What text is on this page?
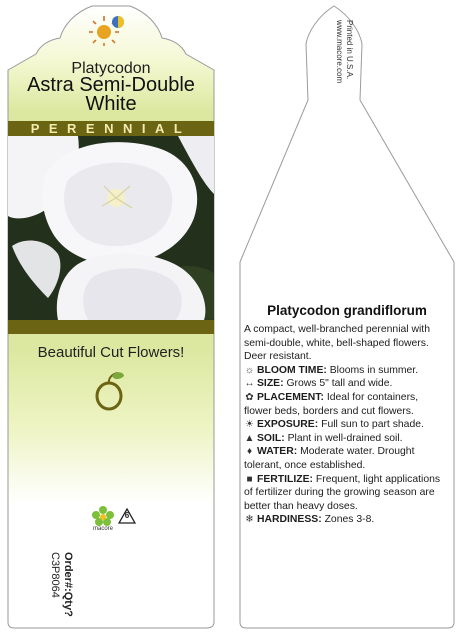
Platycodon
Astra Semi-Double
White
PERENNIAL
Beautiful Cut Flowers!
macore
6
Order#:Qty?
C3P8064
Printed in U.S.A.
www.macore.com
Platycodon grandiflorum

A compact, well-branched perennial with semi-double, white, bell-shaped flowers. Deer resistant.

☼ BLOOM TIME: Blooms in summer.

↔ SIZE: Grows 5" tall and wide.

✿ PLACEMENT: Ideal for containers, flower beds, borders and cut flowers.

☀ EXPOSURE: Full sun to part shade.

▲ SOIL: Plant in well-drained soil.

♦ WATER: Moderate water. Drought tolerant, once established.

■ FERTILIZE: Frequent, light applications of fertilizer during the growing season are better than heavy doses.

❄ HARDINESS: Zones 3-8.
